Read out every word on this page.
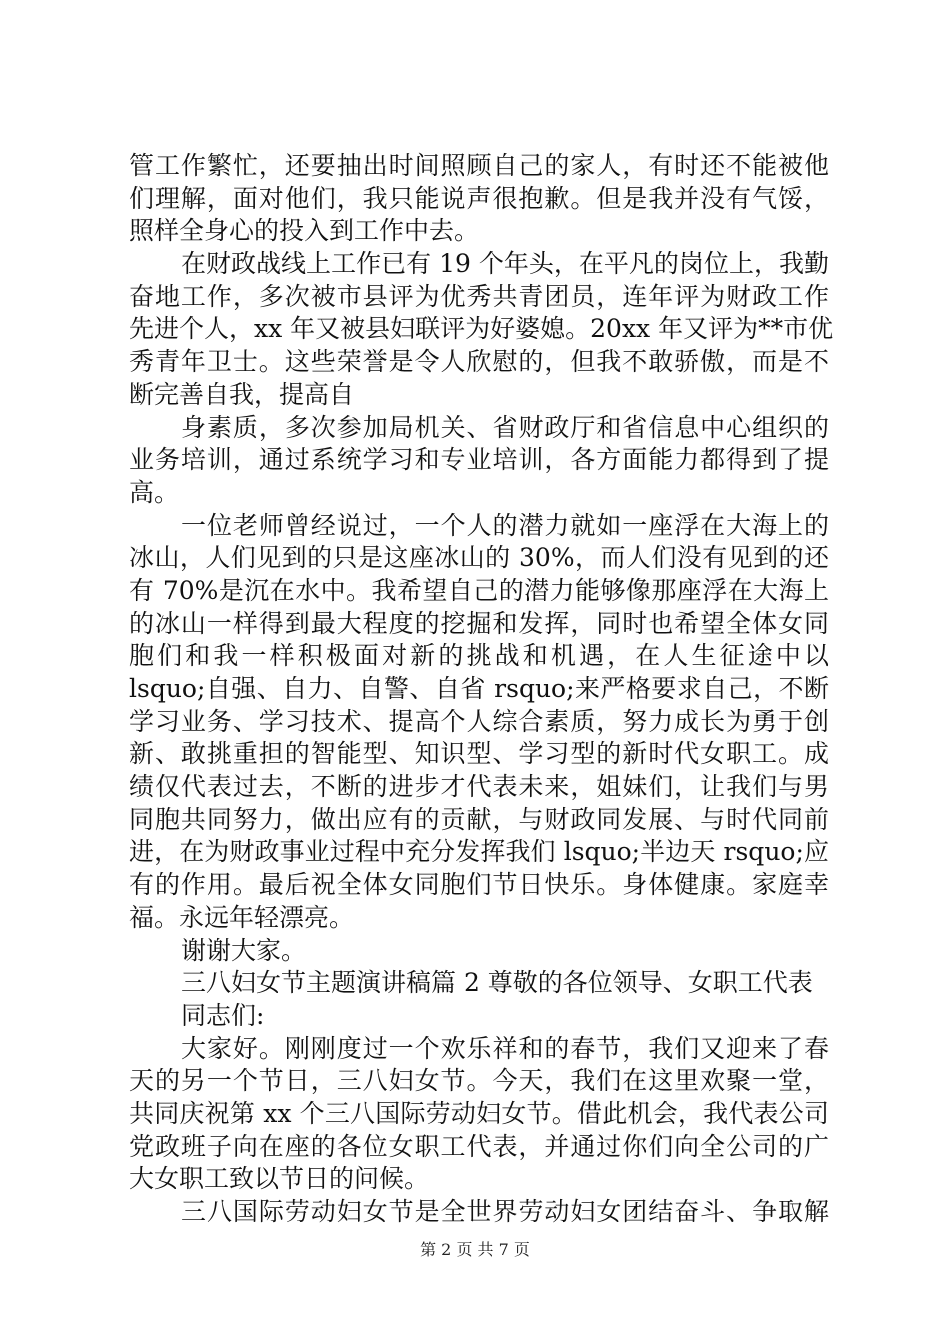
管工作繁忙，还要抽出时间照顾自己的家人，有时还不能被他
们理解，面对他们，我只能说声很抱歉。但是我并没有气馁，
照样全身心的投入到工作中去。
在财政战线上工作已有 19 个年头，在平凡的岗位上，我勤
奋地工作，多次被市县评为优秀共青团员，连年评为财政工作
先进个人，xx 年又被县妇联评为好婆媳。20xx 年又评为**市优
秀青年卫士。这些荣誉是令人欣慰的，但我不敢骄傲，而是不
断完善自我，提高自
身素质，多次参加局机关、省财政厅和省信息中心组织的
业务培训，通过系统学习和专业培训，各方面能力都得到了提
高。
一位老师曾经说过，一个人的潜力就如一座浮在大海上的
冰山，人们见到的只是这座冰山的 30%，而人们没有见到的还
有 70%是沉在水中。我希望自己的潜力能够像那座浮在大海上
的冰山一样得到最大程度的挖掘和发挥，同时也希望全体女同
胞们和我一样积极面对新的挑战和机遇，在人生征途中以
lsquo;自强、自力、自警、自省 rsquo;来严格要求自己，不断
学习业务、学习技术、提高个人综合素质，努力成长为勇于创
新、敢挑重担的智能型、知识型、学习型的新时代女职工。成
绩仅代表过去，不断的进步才代表未来，姐妹们，让我们与男
同胞共同努力，做出应有的贡献，与财政同发展、与时代同前
进，在为财政事业过程中充分发挥我们 lsquo;半边天 rsquo;应
有的作用。最后祝全体女同胞们节日快乐。身体健康。家庭幸
福。永远年轻漂亮。
谢谢大家。
三八妇女节主题演讲稿篇 2 尊敬的各位领导、女职工代表
同志们:
大家好。刚刚度过一个欢乐祥和的春节，我们又迎来了春
天的另一个节日，三八妇女节。今天，我们在这里欢聚一堂，
共同庆祝第 xx 个三八国际劳动妇女节。借此机会，我代表公司
党政班子向在座的各位女职工代表，并通过你们向全公司的广
大女职工致以节日的问候。
三八国际劳动妇女节是全世界劳动妇女团结奋斗、争取解
第 2 页 共 7 页
